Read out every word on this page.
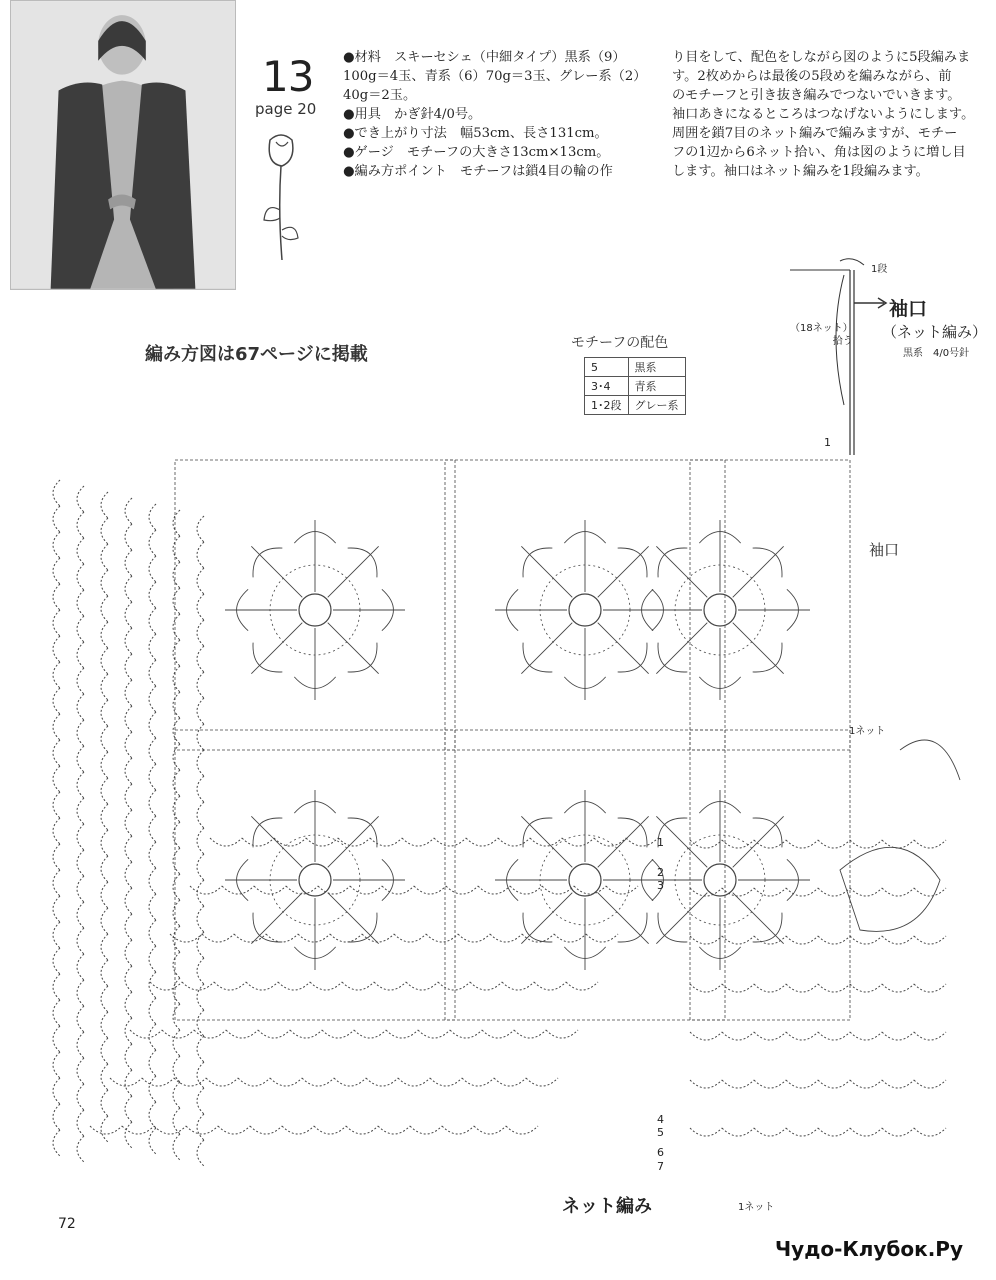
13
page 20

●材料　スキーセシェ（中細タイプ）黒系（9）

100g＝4玉、青系（6）70g＝3玉、グレー系（2）

40g＝2玉。

●用具　かぎ針4/0号。

●でき上がり寸法　幅53cm、長さ131cm。

●ゲージ　モチーフの大きさ13cm×13cm。

●編み方ポイント　モチーフは鎖4目の輪の作

り目をして、配色をしながら図のように5段編みま

す。2枚めからは最後の5段めを編みながら、前

のモチーフと引き抜き編みでつないでいきます。

袖口あきになるところはつなげないようにします。

周囲を鎖7目のネット編みで編みますが、モチー

フの1辺から6ネット拾い、角は図のように増し目

します。袖口はネット編みを1段編みます。

編み方図は67ページに掲載
モチーフの配色
5	黒系
3･4	青系
1･2段	グレー系
1段
袖口
（ネット編み）
黒系　4/0号針
（18ネット）
拾う
1
袖口
1ネット
1ネット
ネット編み
1
2
3
4
5
6
7
72
Чудо-Клубок.Ру
